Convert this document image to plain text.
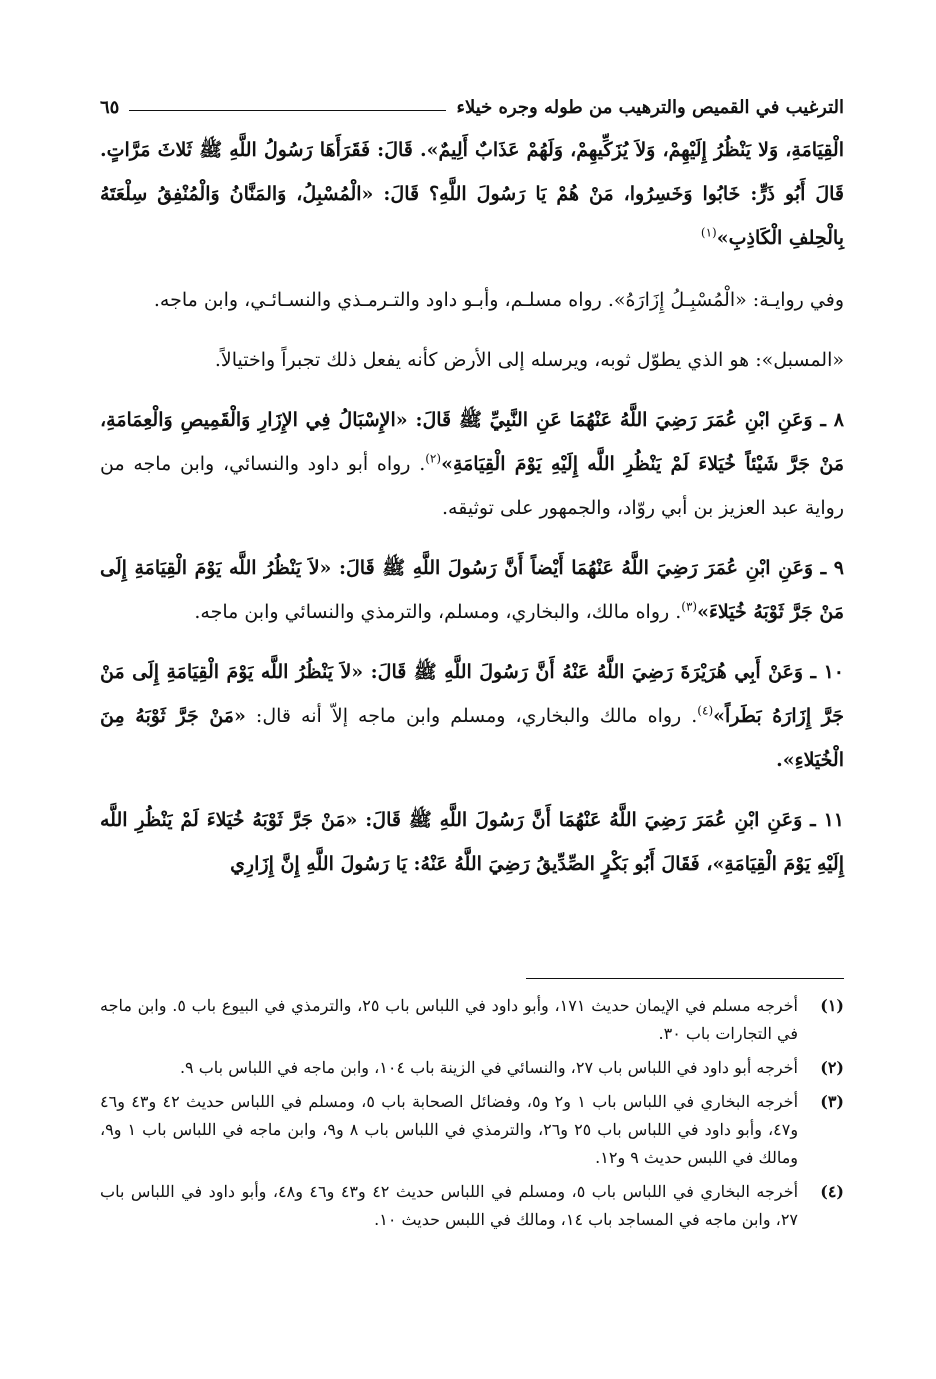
الترغيب في القميص والترهيب من طوله وجره خيلاء
٦٥

الْقِيَامَةِ، وَلا يَنْظُرُ إِلَيْهِمْ، وَلاَ يُزَكِّيهِمْ، وَلَهُمْ عَذَابٌ أَلِيمٌ». قَالَ: فَقَرَأَهَا رَسُولُ اللَّهِ ﷺ ثَلاثَ مَرَّاتٍ. قَالَ أَبُو ذَرٍّ: خَابُوا وَخَسِرُوا، مَنْ هُمْ يَا رَسُولَ اللَّهِ؟ قَالَ: «الْمُسْبِلُ، وَالمَنَّانُ وَالْمُنْفِقُ سِلْعَتَهُ بِالْحِلفِ الْكَاذِبِ»$^{(١)}$

وفي روايـة: «الْمُسْبِـلُ إِزَارَهُ». رواه مسلـم، وأبـو داود والتـرمـذي والنسـائـي، وابن ماجه.

«المسبل»: هو الذي يطوّل ثوبه، ويرسله إلى الأرض كأنه يفعل ذلك تجبراً واختيالاً.

٨ ـ وَعَنِ ابْنِ عُمَرَ رَضِيَ اللَّهُ عَنْهُمَا عَنِ النَّبِيِّ ﷺ قَالَ: «الإِسْبَالُ فِي الإِزَارِ وَالْقَمِيصِ وَالْعِمَامَةِ، مَنْ جَرَّ شَيْئاً خُيَلاءَ لَمْ يَنْظُرِ اللَّه إِلَيْهِ يَوْمَ الْقِيَامَةِ»$^{(٢)}$. رواه أبو داود والنسائي، وابن ماجه من رواية عبد العزيز بن أبي روّاد، والجمهور على توثيقه.

٩ ـ وَعَنِ ابْنِ عُمَرَ رَضِيَ اللَّهُ عَنْهُمَا أَيْضاً أَنَّ رَسُولَ اللَّهِ ﷺ قَالَ: «لاَ يَنْظُرُ اللَّه يَوْمَ الْقِيَامَةِ إِلَى مَنْ جَرَّ ثَوْبَهُ خُيَلاءَ»$^{(٣)}$. رواه مالك، والبخاري، ومسلم، والترمذي والنسائي وابن ماجه.

١٠ ـ وَعَنْ أَبِي هُرَيْرَةَ رَضِيَ اللَّهُ عَنْهُ أَنَّ رَسُولَ اللَّهِ ﷺ قَالَ: «لاَ يَنْظُرُ اللَّه يَوْمَ الْقِيَامَةِ إِلَى مَنْ جَرَّ إِزَارَهُ بَطَراً»$^{(٤)}$. رواه مالك والبخاري، ومسلم وابن ماجه إلاّ أنه قال: «مَنْ جَرَّ ثَوْبَهُ مِنَ الْخُيَلاءِ».

١١ ـ وَعَنِ ابْنِ عُمَرَ رَضِيَ اللَّهُ عَنْهُمَا أَنَّ رَسُولَ اللَّهِ ﷺ قَالَ: «مَنْ جَرَّ ثَوْبَهُ خُيَلاءَ لَمْ يَنْظُرِ اللَّه إِلَيْهِ يَوْمَ الْقِيَامَةِ»، فَقَالَ أَبُو بَكْرٍ الصِّدِّيقُ رَضِيَ اللَّهُ عَنْهُ: يَا رَسُولَ اللَّهِ إِنَّ إِزَارِي

(١)
أخرجه مسلم في الإيمان حديث ١٧١، وأبو داود في اللباس باب ٢٥، والترمذي في البيوع باب ٥. وابن ماجه في التجارات باب ٣٠.
(٢)
أخرجه أبو داود في اللباس باب ٢٧، والنسائي في الزينة باب ١٠٤، وابن ماجه في اللباس باب ٩.
(٣)
أخرجه البخاري في اللباس باب ١ و٢ و٥، وفضائل الصحابة باب ٥، ومسلم في اللباس حديث ٤٢ و٤٣ و٤٦ و٤٧، وأبو داود في اللباس باب ٢٥ و٢٦، والترمذي في اللباس باب ٨ و٩، وابن ماجه في اللباس باب ١ و٩، ومالك في اللبس حديث ٩ و١٢.
(٤)
أخرجه البخاري في اللباس باب ٥، ومسلم في اللباس حديث ٤٢ و٤٣ و٤٦ و٤٨، وأبو داود في اللباس باب ٢٧، وابن ماجه في المساجد باب ١٤، ومالك في اللبس حديث ١٠.
